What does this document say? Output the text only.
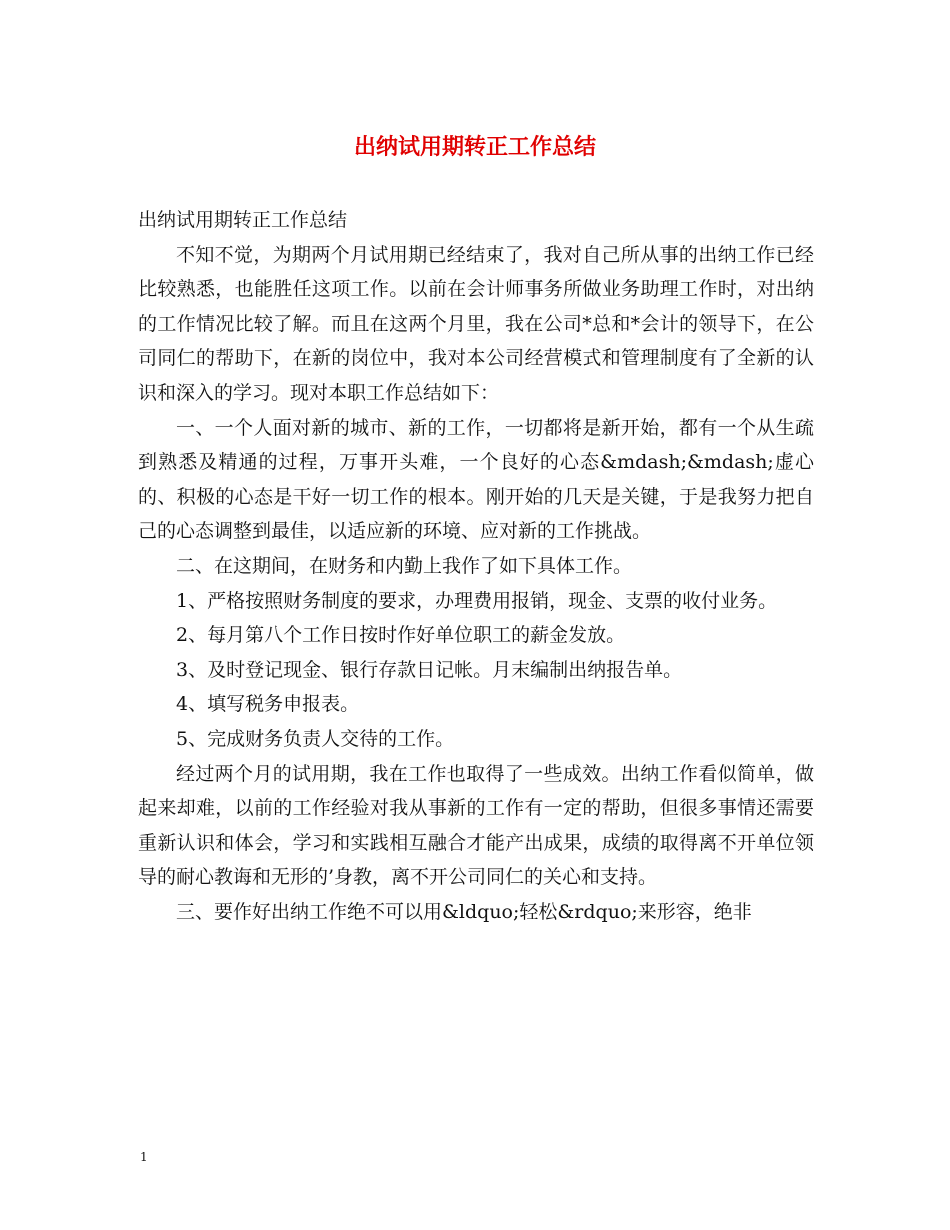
出纳试用期转正工作总结

出纳试用期转正工作总结

不知不觉，为期两个月试用期已经结束了，我对自己所从事的出纳工作已经比较熟悉，也能胜任这项工作。以前在会计师事务所做业务助理工作时，对出纳的工作情况比较了解。而且在这两个月里，我在公司*总和*会计的领导下，在公司同仁的帮助下，在新的岗位中，我对本公司经营模式和管理制度有了全新的认识和深入的学习。现对本职工作总结如下：

一、一个人面对新的城市、新的工作，一切都将是新开始，都有一个从生疏到熟悉及精通的过程，万事开头难，一个良好的心态&mdash;&mdash;虚心的、积极的心态是干好一切工作的根本。刚开始的几天是关键，于是我努力把自己的心态调整到最佳，以适应新的环境、应对新的工作挑战。

二、在这期间，在财务和内勤上我作了如下具体工作。

1、严格按照财务制度的要求，办理费用报销，现金、支票的收付业务。

2、每月第八个工作日按时作好单位职工的薪金发放。

3、及时登记现金、银行存款日记帐。月末编制出纳报告单。

4、填写税务申报表。

5、完成财务负责人交待的工作。

经过两个月的试用期，我在工作也取得了一些成效。出纳工作看似简单，做起来却难，以前的工作经验对我从事新的工作有一定的帮助，但很多事情还需要重新认识和体会，学习和实践相互融合才能产出成果，成绩的取得离不开单位领导的耐心教诲和无形的’身教，离不开公司同仁的关心和支持。

三、要作好出纳工作绝不可以用&ldquo;轻松&rdquo;来形容，绝非

1
